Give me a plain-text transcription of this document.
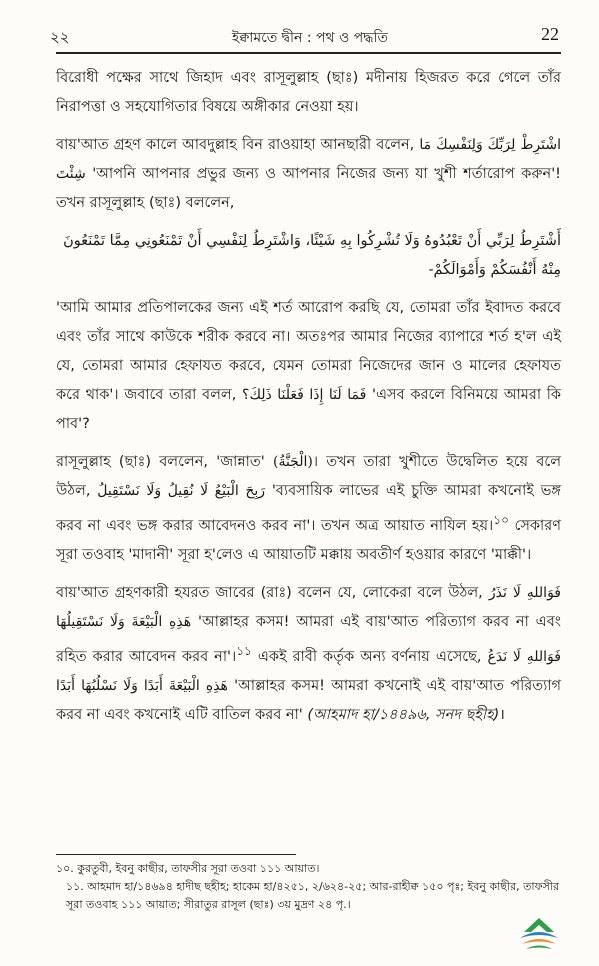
২২	ইক্বামতে দ্বীন : পথ ও পদ্ধতি	22

বিরোধী পক্ষের সাথে জিহাদ এবং রাসূলুল্লাহ (ছাঃ) মদীনায় হিজরত করে গেলে তাঁর নিরাপত্তা ও সহযোগিতার বিষয়ে অঙ্গীকার নেওয়া হয়।

বায়'আত গ্রহণ কালে আবদুল্লাহ বিন রাওয়াহা আনছারী বলেন,	اشْتَرِطْ لِرَبِّكَ وَلِنَفْسِكَ مَا شِئْتَ 'আপনি আপনার প্রভুর জন্য ও আপনার নিজের জন্য যা খুশী শর্তারোপ করুন'! তখন রাসূলুল্লাহ (ছাঃ) বললেন,

أَشْتَرِطُ لِرَبِّي أَنْ تَعْبُدُوهُ وَلَا تُشْرِكُوا بِهِ شَيْئًا، وَاشْتَرِطُ لِنَفْسِي أَنْ تَمْنَعُونِي مِمَّا تَمْنَعُونَ مِنْهُ أَنْفُسَكُمْ وَأَمْوَالَكُمْ-

'আমি আমার প্রতিপালকের জন্য এই শর্ত আরোপ করছি যে, তোমরা তাঁর ইবাদত করবে এবং তাঁর সাথে কাউকে শরীক করবে না। অতঃপর আমার নিজের ব্যাপারে শর্ত হ'ল এই যে, তোমরা আমার হেফাযত করবে, যেমন তোমরা নিজেদের জান ও মালের হেফাযত করে থাক'। জবাবে তারা বলল, فَمَا لَنَا إِذَا فَعَلْنَا ذَلِكَ؟ 'এসব করলে বিনিময়ে আমরা কি পাব'?

রাসূলুল্লাহ (ছাঃ) বললেন, 'জান্নাত' (الْجَنَّةُ)। তখন তারা খুশীতে উদ্বেলিত হয়ে বলে উঠল, رَبِحَ الْبَيْعُ لَا نُقِيلُ وَلَا نَسْتَقِيلُ 'ব্যবসায়িক লাভের এই চুক্তি আমরা কখনোই ভঙ্গ করব না এবং ভঙ্গ করার আবেদনও করব না'। তখন অত্র আয়াত নাযিল হয়।$^{১০}$ সেকারণ সূরা তওবাহ 'মাদানী' সূরা হ'লেও এ আয়াতটি মক্কায় অবতীর্ণ হওয়ার কারণে 'মাক্কী'।

বায়'আত গ্রহণকারী হযরত জাবের (রাঃ) বলেন যে, লোকেরা বলে উঠল, فَوَاللهِ لَا نَذَرُ هَذِهِ الْبَيْعَةَ وَلَا نَسْتَقِيلُهَا 'আল্লাহর কসম! আমরা এই বায়'আত পরিত্যাগ করব না এবং রহিত করার আবেদন করব না'।$^{১১}$ একই রাবী কর্তৃক অন্য বর্ণনায় এসেছে, فَوَاللهِ لَا نَدَعُ هَذِهِ الْبَيْعَةَ أَبَدًا وَلَا نَسْلُبُهَا أَبَدًا 'আল্লাহর কসম! আমরা কখনোই এই বায়'আত পরিত্যাগ করব না এবং কখনোই এটি বাতিল করব না' (আহমাদ হা/১৪৪৯৬, সনদ ছহীহ)।

১০. কুরতুবী, ইবনু কাছীর, তাফসীর সূরা তওবা ১১১ আয়াত।
১১. আহমাদ হা/১৪৬৯৪ হাদীছ ছহীহ; হাকেম হা/৪২৫১, ২/৬২৪-২৫; আর-রাহীক্ব ১৫০ পৃঃ; ইবনু কাছীর, তাফসীর সূরা তওবাহ ১১১ আয়াত; সীরাতুর রাসূল (ছাঃ) ৩য় মুদ্রণ ২৪ পৃ.।
